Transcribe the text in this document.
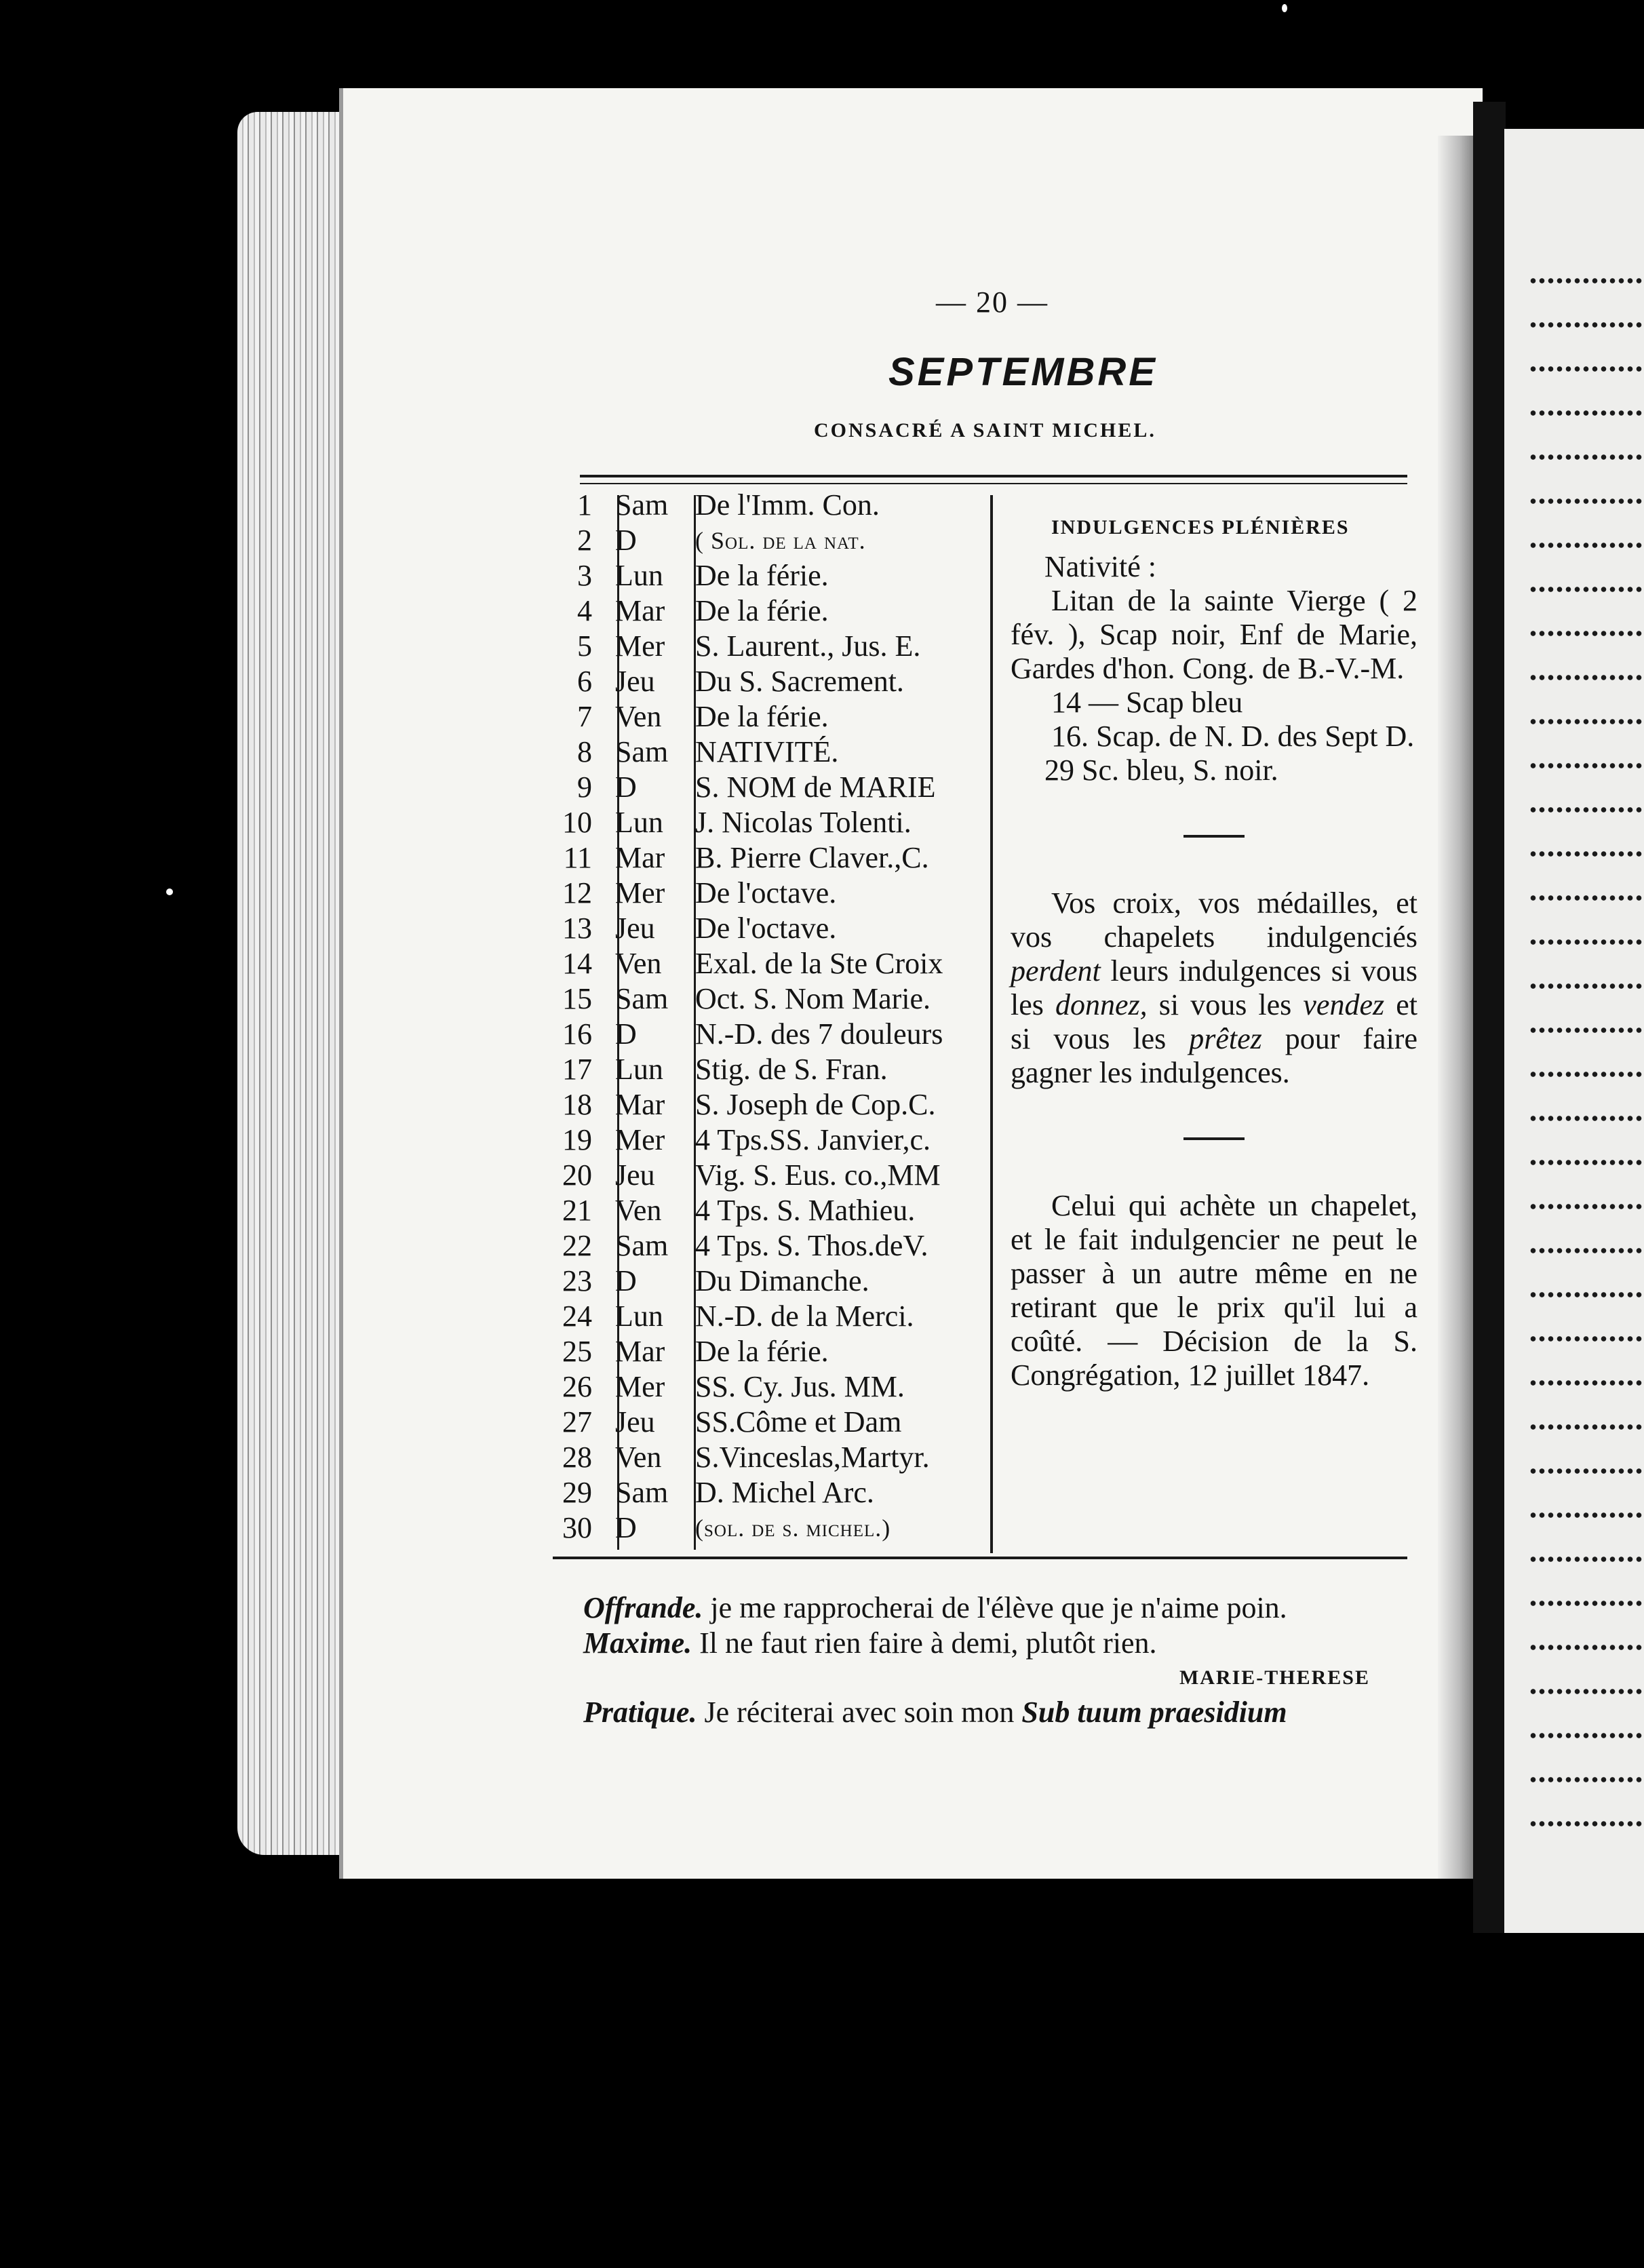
— 20 —
SEPTEMBRE
CONSACRÉ A SAINT MICHEL.
1 Sam De l'Imm. Con.
2 D ( Sol. de la nat.
3 Lun De la férie.
4 Mar De la férie.
5 Mer S. Laurent., Jus. E.
6 Jeu Du S. Sacrement.
7 Ven De la férie.
8 Sam NATIVITÉ.
9 D S. NOM de MARIE
10 Lun J. Nicolas Tolenti.
11 Mar B. Pierre Claver.,C.
12 Mer De l'octave.
13 Jeu De l'octave.
14 Ven Exal. de la Ste Croix
15 Sam Oct. S. Nom Marie.
16 D N.-D. des 7 douleurs
17 Lun Stig. de S. Fran.
18 Mar S. Joseph de Cop.C.
19 Mer 4 Tps.SS. Janvier,c.
20 Jeu Vig. S. Eus. co.,MM
21 Ven 4 Tps. S. Mathieu.
22 Sam 4 Tps. S. Thos.deV.
23 D Du Dimanche.
24 Lun N.-D. de la Merci.
25 Mar De la férie.
26 Mer SS. Cy. Jus. MM.
27 Jeu SS.Côme et Dam
28 Ven S.Vinceslas,Martyr.
29 Sam D. Michel Arc.
30 D (sol. de s. michel.)
INDULGENCES PLÉNIÈRES

Nativité :

Litan de la sainte Vierge ( 2 fév. ), Scap noir, Enf de Marie, Gardes d'hon. Cong. de B.-V.-M.

14 — Scap bleu

16. Scap. de N. D. des Sept D.

29 Sc. bleu, S. noir.

Vos croix, vos médailles, et vos chapelets indulgenciés perdent leurs indulgences si vous les donnez, si vous les vendez et si vous les prêtez pour faire gagner les indulgences.

Celui qui achète un chapelet, et le fait indulgencier ne peut le passer à un autre même en ne retirant que le prix qu'il lui a coûté. — Décision de la S. Congrégation, 12 juillet 1847.

Offrande. je me rapprocherai de l'élève que je n'aime poin.

Maxime. Il ne faut rien faire à demi, plutôt rien.

MARIE-THERESE

Pratique. Je réciterai avec soin mon Sub tuum praesidium
